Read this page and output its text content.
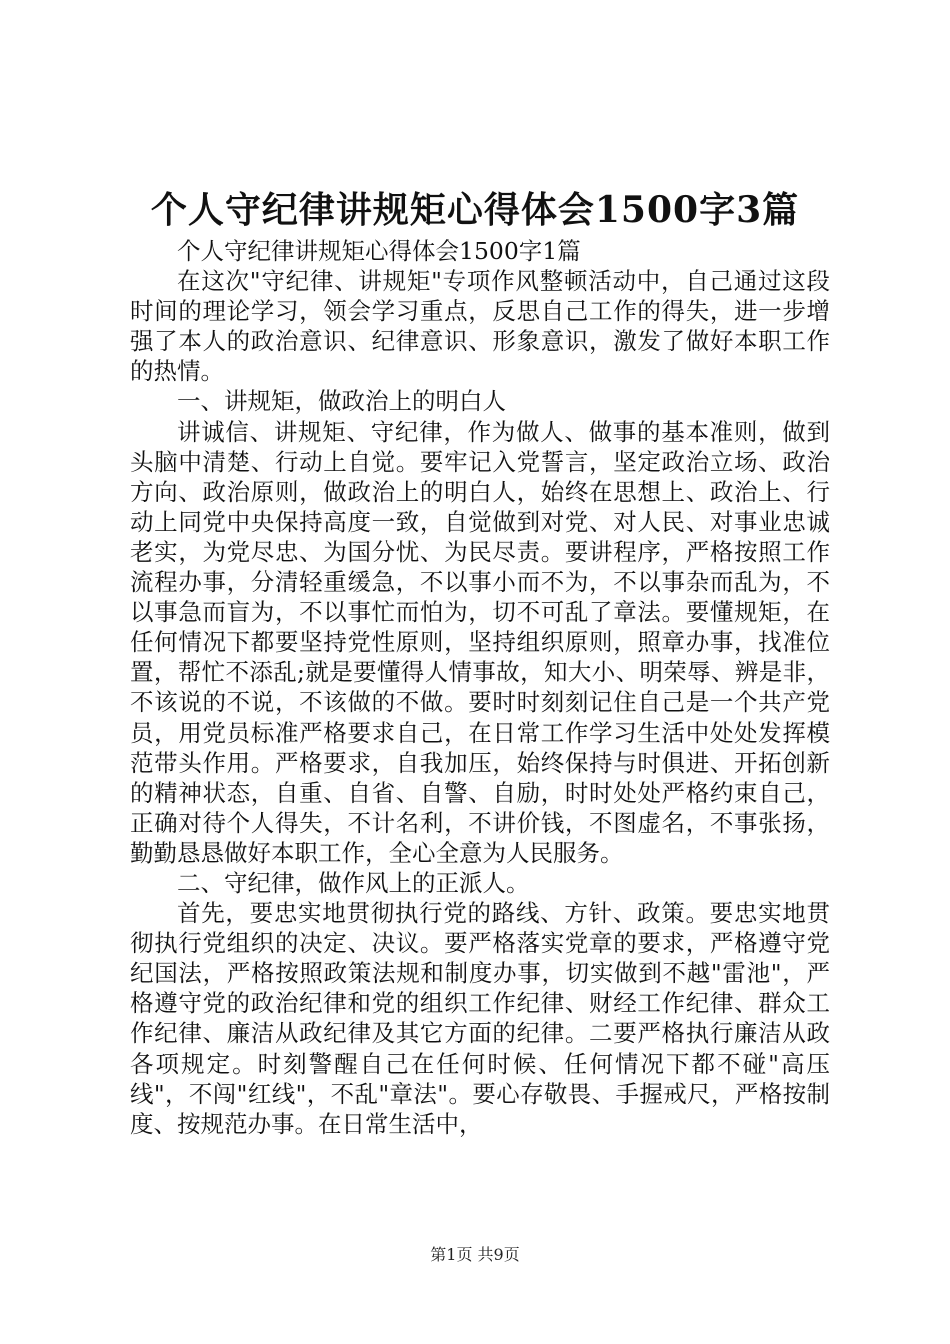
个人守纪律讲规矩心得体会1500字3篇

个人守纪律讲规矩心得体会1500字1篇

在这次"守纪律、讲规矩"专项作风整顿活动中，自己通过这段时间的理论学习，领会学习重点，反思自己工作的得失，进一步增强了本人的政治意识、纪律意识、形象意识，激发了做好本职工作的热情。

一、讲规矩，做政治上的明白人

讲诚信、讲规矩、守纪律，作为做人、做事的基本准则，做到头脑中清楚、行动上自觉。要牢记入党誓言，坚定政治立场、政治方向、政治原则，做政治上的明白人，始终在思想上、政治上、行动上同党中央保持高度一致，自觉做到对党、对人民、对事业忠诚老实，为党尽忠、为国分忧、为民尽责。要讲程序，严格按照工作流程办事，分清轻重缓急，不以事小而不为，不以事杂而乱为，不以事急而盲为，不以事忙而怕为，切不可乱了章法。要懂规矩，在任何情况下都要坚持党性原则，坚持组织原则，照章办事，找准位置，帮忙不添乱;就是要懂得人情事故，知大小、明荣辱、辨是非，不该说的不说，不该做的不做。要时时刻刻记住自己是一个共产党员，用党员标准严格要求自己，在日常工作学习生活中处处发挥模范带头作用。严格要求，自我加压，始终保持与时俱进、开拓创新的精神状态，自重、自省、自警、自励，时时处处严格约束自己，正确对待个人得失，不计名利，不讲价钱，不图虚名，不事张扬，勤勤恳恳做好本职工作，全心全意为人民服务。

二、守纪律，做作风上的正派人。

首先，要忠实地贯彻执行党的路线、方针、政策。要忠实地贯彻执行党组织的决定、决议。要严格落实党章的要求，严格遵守党纪国法，严格按照政策法规和制度办事，切实做到不越"雷池"，严格遵守党的政治纪律和党的组织工作纪律、财经工作纪律、群众工作纪律、廉洁从政纪律及其它方面的纪律。二要严格执行廉洁从政各项规定。时刻警醒自己在任何时候、任何情况下都不碰"高压线"，不闯"红线"，不乱"章法"。要心存敬畏、手握戒尺，严格按制度、按规范办事。在日常生活中，

第1页 共9页
